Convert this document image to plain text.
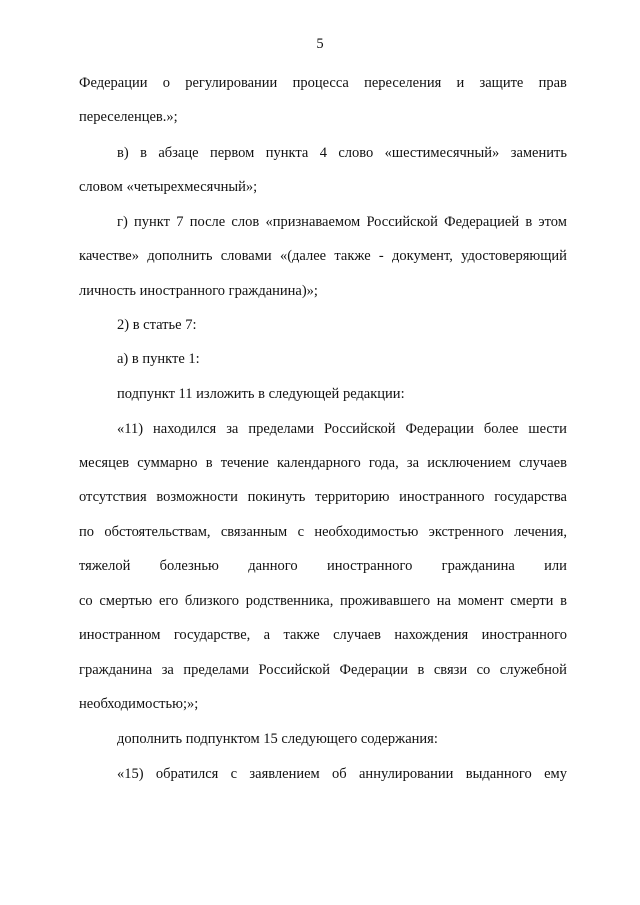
5
Федерации о регулировании процесса переселения и защите прав
переселенцев.»;
в) в абзаце первом пункта 4 слово «шестимесячный» заменить
словом «четырехмесячный»;
г) пункт 7 после слов «признаваемом Российской Федерацией в этом
качестве» дополнить словами «(далее также - документ, удостоверяющий
личность иностранного гражданина)»;
2) в статье 7:
а) в пункте 1:
подпункт 11 изложить в следующей редакции:
«11) находился за пределами Российской Федерации более шести
месяцев суммарно в течение календарного года, за исключением случаев
отсутствия возможности покинуть территорию иностранного государства
по обстоятельствам, связанным с необходимостью экстренного лечения,
тяжелой болезнью данного иностранного гражданина или
со смертью его близкого родственника, проживавшего на момент смерти в
иностранном государстве, а также случаев нахождения иностранного
гражданина за пределами Российской Федерации в связи со служебной
необходимостью;»;
дополнить подпунктом 15 следующего содержания:
«15) обратился с заявлением об аннулировании выданного ему
